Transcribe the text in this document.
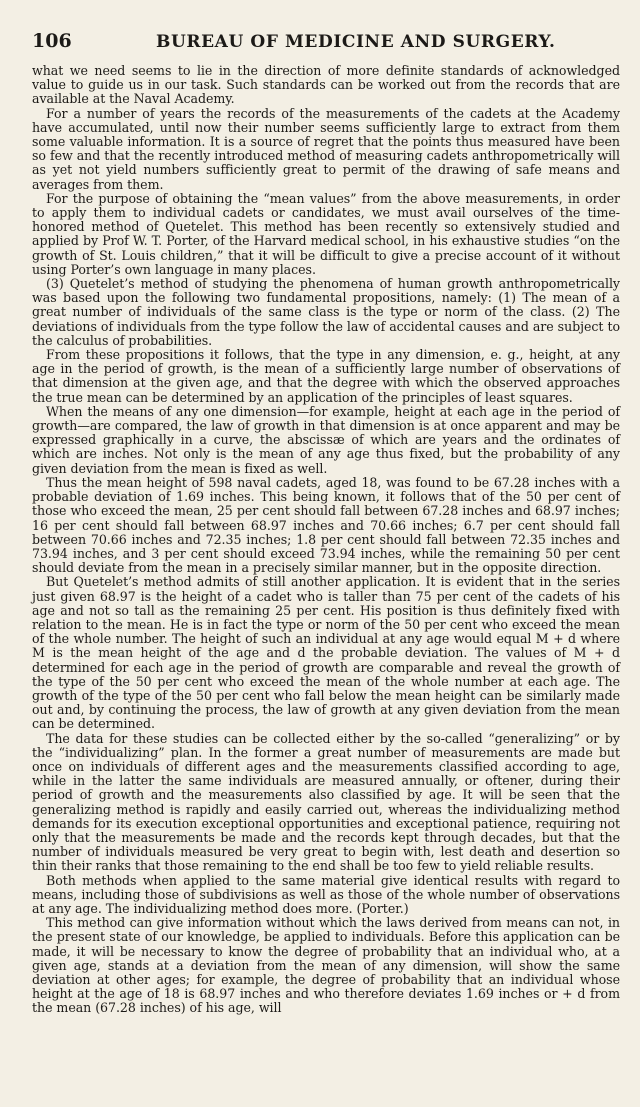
106	BUREAU OF MEDICINE AND SURGERY.

what we need seems to lie in the direction of more definite standards of acknowledged value to guide us in our task. Such standards can be worked out from the records that are available at the Naval Academy.

For a number of years the records of the measurements of the cadets at the Academy have accumulated, until now their number seems sufficiently large to extract from them some valuable information. It is a source of regret that the points thus measured have been so few and that the recently introduced method of measuring cadets anthropometrically will as yet not yield numbers sufficiently great to permit of the drawing of safe means and averages from them.

For the purpose of obtaining the “mean values” from the above measurements, in order to apply them to individual cadets or candidates, we must avail ourselves of the time-honored method of Quetelet. This method has been recently so extensively studied and applied by Prof W. T. Porter, of the Harvard medical school, in his exhaustive studies “on the growth of St. Louis children,” that it will be difficult to give a precise account of it without using Porter’s own language in many places.

(3) Quetelet’s method of studying the phenomena of human growth anthropometrically was based upon the following two fundamental propositions, namely: (1) The mean of a great number of individuals of the same class is the type or norm of the class. (2) The deviations of individuals from the type follow the law of accidental causes and are subject to the calculus of probabilities.

From these propositions it follows, that the type in any dimension, e. g., height, at any age in the period of growth, is the mean of a sufficiently large number of observations of that dimension at the given age, and that the degree with which the observed approaches the true mean can be determined by an application of the principles of least squares.

When the means of any one dimension—for example, height at each age in the period of growth—are compared, the law of growth in that dimension is at once apparent and may be expressed graphically in a curve, the abscissæ of which are years and the ordinates of which are inches. Not only is the mean of any age thus fixed, but the probability of any given deviation from the mean is fixed as well.

Thus the mean height of 598 naval cadets, aged 18, was found to be 67.28 inches with a probable deviation of 1.69 inches. This being known, it follows that of the 50 per cent of those who exceed the mean, 25 per cent should fall between 67.28 inches and 68.97 inches; 16 per cent should fall between 68.97 inches and 70.66 inches; 6.7 per cent should fall between 70.66 inches and 72.35 inches; 1.8 per cent should fall between 72.35 inches and 73.94 inches, and 3 per cent should exceed 73.94 inches, while the remaining 50 per cent should deviate from the mean in a precisely similar manner, but in the opposite direction.

But Quetelet’s method admits of still another application. It is evident that in the series just given 68.97 is the height of a cadet who is taller than 75 per cent of the cadets of his age and not so tall as the remaining 25 per cent. His position is thus definitely fixed with relation to the mean. He is in fact the type or norm of the 50 per cent who exceed the mean of the whole number. The height of such an individual at any age would equal M + d where M is the mean height of the age and d the probable deviation. The values of M + d determined for each age in the period of growth are comparable and reveal the growth of the type of the 50 per cent who exceed the mean of the whole number at each age. The growth of the type of the 50 per cent who fall below the mean height can be similarly made out and, by continuing the process, the law of growth at any given deviation from the mean can be determined.

The data for these studies can be collected either by the so-called “generalizing” or by the “individualizing” plan. In the former a great number of measurements are made but once on individuals of different ages and the measurements classified according to age, while in the latter the same individuals are measured annually, or oftener, during their period of growth and the measurements also classified by age. It will be seen that the generalizing method is rapidly and easily carried out, whereas the individualizing method demands for its execution exceptional opportunities and exceptional patience, requiring not only that the measurements be made and the records kept through decades, but that the number of individuals measured be very great to begin with, lest death and desertion so thin their ranks that those remaining to the end shall be too few to yield reliable results.

Both methods when applied to the same material give identical results with regard to means, including those of subdivisions as well as those of the whole number of observations at any age. The individualizing method does more. (Porter.)

This method can give information without which the laws derived from means can not, in the present state of our knowledge, be applied to individuals. Before this application can be made, it will be necessary to know the degree of probability that an individual who, at a given age, stands at a deviation from the mean of any dimension, will show the same deviation at other ages; for example, the degree of probability that an individual whose height at the age of 18 is 68.97 inches and who therefore deviates 1.69 inches or + d from the mean (67.28 inches) of his age, will
